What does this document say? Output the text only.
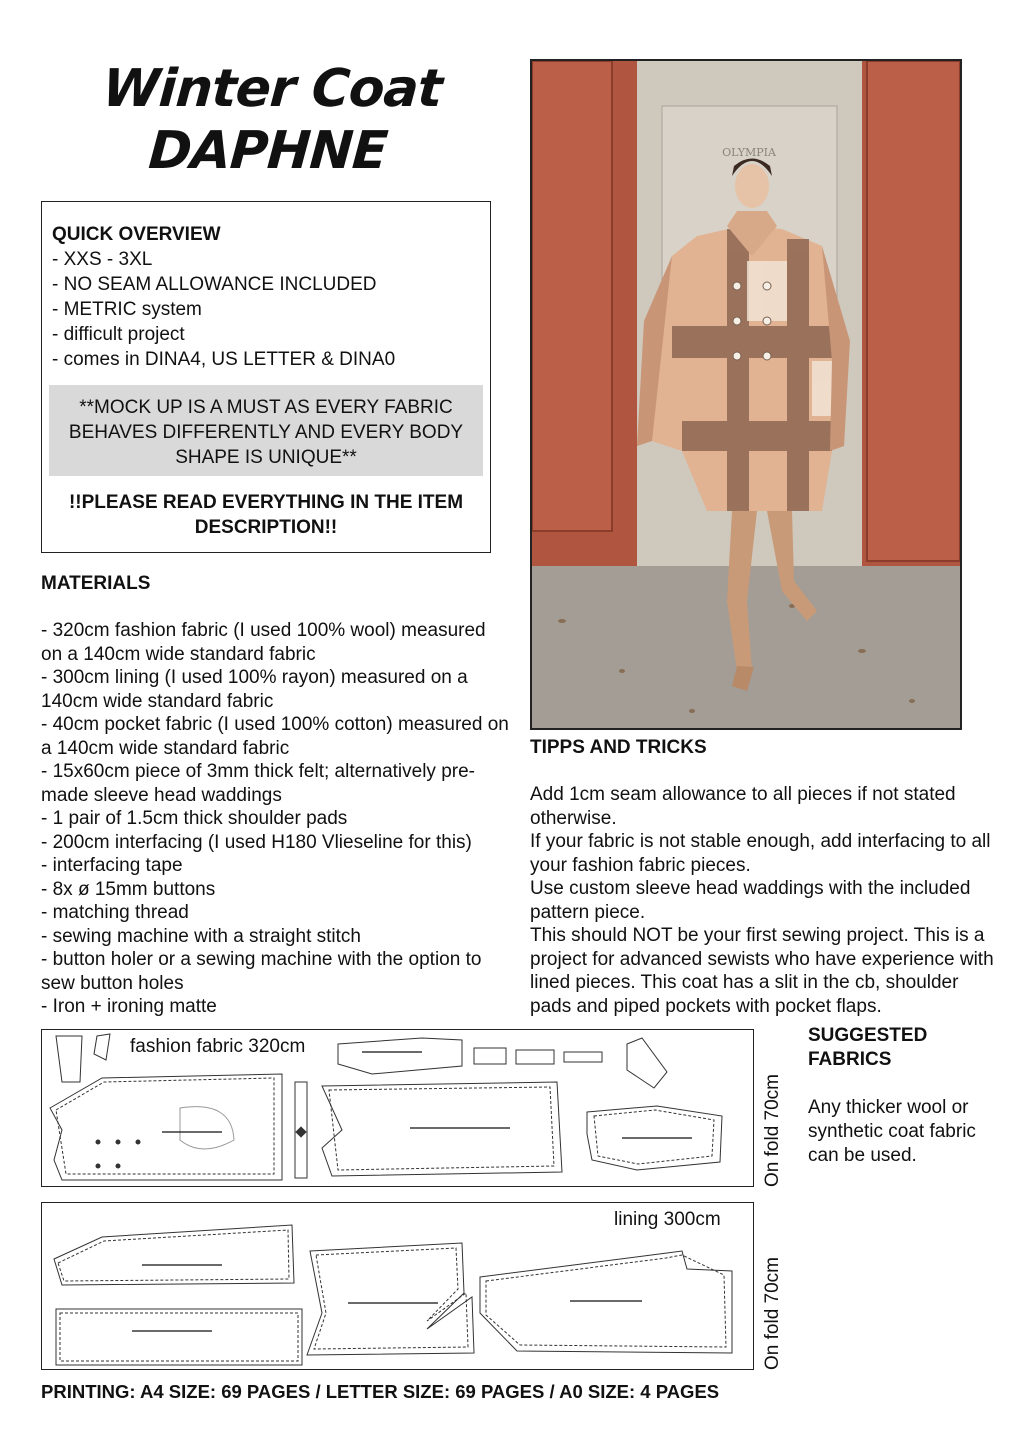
Winter Coat
DAPHNE
QUICK OVERVIEW
- XXS - 3XL
- NO SEAM ALLOWANCE INCLUDED
- METRIC system
- difficult project
- comes in DINA4, US LETTER & DINA0
**MOCK UP IS A MUST AS EVERY FABRIC BEHAVES DIFFERENTLY AND EVERY BODY SHAPE IS UNIQUE**
!!PLEASE READ EVERYTHING IN THE ITEM DESCRIPTION!!
MATERIALS
- 320cm fashion fabric (I used 100% wool) measured on a 140cm wide standard fabric
- 300cm lining (I used 100% rayon) measured on a 140cm wide standard fabric
- 40cm pocket fabric (I used 100% cotton) measured on a 140cm wide standard fabric
- 15x60cm piece of 3mm thick felt; alternatively pre-made sleeve head waddings
- 1 pair of 1.5cm thick shoulder pads
- 200cm interfacing (I used H180 Vlieseline for this)
- interfacing tape
- 8x ø 15mm buttons
- matching thread
- sewing machine with a straight stitch
- button holer or a sewing machine with the option to sew button holes
- Iron + ironing matte
OLYMPIA
TIPPS AND TRICKS
Add 1cm seam allowance to all pieces if not stated otherwise.
If your fabric is not stable enough, add interfacing to all your fashion fabric pieces.
Use custom sleeve head waddings with the included pattern piece.
This should NOT be your first sewing project. This is a project for advanced sewists who have experience with lined pieces. This coat has a slit in the cb, shoulder pads and piped pockets with pocket flaps.
SUGGESTED FABRICS
Any thicker wool or synthetic coat fabric can be used.
fashion fabric 320cm
On fold 70cm
lining 300cm
On fold 70cm
PRINTING: A4 SIZE: 69 PAGES / LETTER SIZE: 69 PAGES / A0 SIZE: 4 PAGES
